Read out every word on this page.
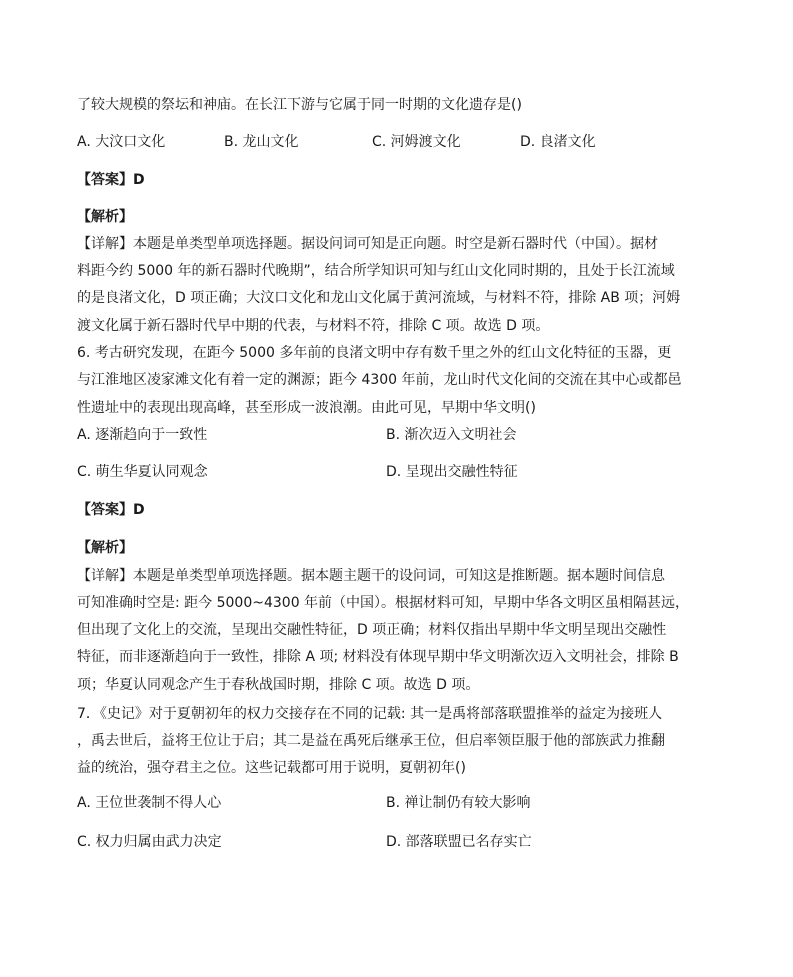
了较大规模的祭坛和神庙。在长江下游与它属于同一时期的文化遗存是()
A. 大汶口文化	B. 龙山文化	C. 河姆渡文化	D. 良渚文化
【答案】D
【解析】
【详解】本题是单类型单项选择题。据设问词可知是正向题。时空是新石器时代（中国）。据材
料距今约 5000 年的新石器时代晚期”，结合所学知识可知与红山文化同时期的，且处于长江流域
的是良渚文化，D 项正确；大汶口文化和龙山文化属于黄河流域，与材料不符，排除 AB 项；河姆
渡文化属于新石器时代早中期的代表，与材料不符，排除 C 项。故选 D 项。
6. 考古研究发现，在距今 5000 多年前的良渚文明中存有数千里之外的红山文化特征的玉器，更
与江淮地区凌家滩文化有着一定的渊源；距今 4300 年前，龙山时代文化间的交流在其中心或都邑
性遗址中的表现出现高峰，甚至形成一波浪潮。由此可见，早期中华文明()
A. 逐渐趋向于一致性	B. 渐次迈入文明社会
C. 萌生华夏认同观念	D. 呈现出交融性特征
【答案】D
【解析】
【详解】本题是单类型单项选择题。据本题主题干的设问词，可知这是推断题。据本题时间信息
可知准确时空是: 距今 5000~4300 年前（中国）。根据材料可知，早期中华各文明区虽相隔甚远，
但出现了文化上的交流，呈现出交融性特征，D 项正确；材料仅指出早期中华文明呈现出交融性
特征，而非逐渐趋向于一致性，排除 A 项; 材料没有体现早期中华文明渐次迈入文明社会，排除 B
项；华夏认同观念产生于春秋战国时期，排除 C 项。故选 D 项。
7．《史记》对于夏朝初年的权力交接存在不同的记载: 其一是禹将部落联盟推举的益定为接班人
，禹去世后，益将王位让于启；其二是益在禹死后继承王位，但启率领臣服于他的部族武力推翻
益的统治，强夺君主之位。这些记载都可用于说明，夏朝初年()
A. 王位世袭制不得人心	B. 禅让制仍有较大影响
C. 权力归属由武力决定	D. 部落联盟已名存实亡
